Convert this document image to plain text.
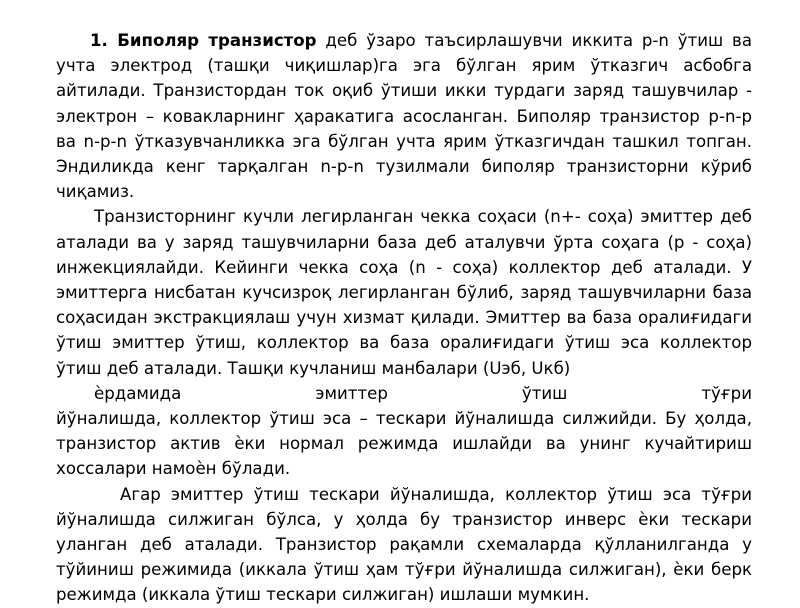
1. Биполяр транзистор деб ўзаро таъсирлашувчи иккита p-n ўтиш ва учта электрод (ташқи чиқишлар)га эга бўлган ярим ўтказгич асбобга айтилади. Транзистордан ток оқиб ўтиши икки турдаги заряд ташувчилар - электрон – ковакларнинг ҳаракатига асосланган. Биполяр транзистор p-n-p ва n-p-n ўтказувчанликка эга бўлган учта ярим ўтказгичдан ташкил топган. Эндиликда кенг тарқалган n-p-n тузилмали биполяр транзисторни кўриб чиқамиз.

Транзисторнинг кучли легирланган чекка соҳаси (n+- соҳа) эмиттер деб аталади ва у заряд ташувчиларни база деб аталувчи ўрта соҳага (p - соҳа) инжекциялайди. Кейинги чекка соҳа (n - соҳа) коллектор деб аталади. У эмиттерга нисбатан кучсизроқ легирланган бўлиб, заряд ташувчиларни база соҳасидан экстракциялаш учун хизмат қилади. Эмиттер ва база оралиғидаги ўтиш эмиттер ўтиш, коллектор ва база оралиғидаги ўтиш эса коллектор ўтиш деб аталади. Ташқи кучланиш манбалари (Uэб, Uкб)
ѐрдамида эмиттер ўтиш тўғри
йўналишда, коллектор ўтиш эса – тескари йўналишда силжийди. Бу ҳолда, транзистор актив ѐки нормал режимда ишлайди ва унинг кучайтириш хоссалари намоѐн бўлади.

Агар эмиттер ўтиш тескари йўналишда, коллектор ўтиш эса тўғри йўналишда силжиган бўлса, у ҳолда бу транзистор инверс ѐки тескари уланган деб аталади. Транзистор рақамли схемаларда қўлланилганда у тўйиниш режимида (иккала ўтиш ҳам тўғри йўналишда силжиган), ѐки берк режимда (иккала ўтиш тескари силжиган) ишлаши мумкин.
